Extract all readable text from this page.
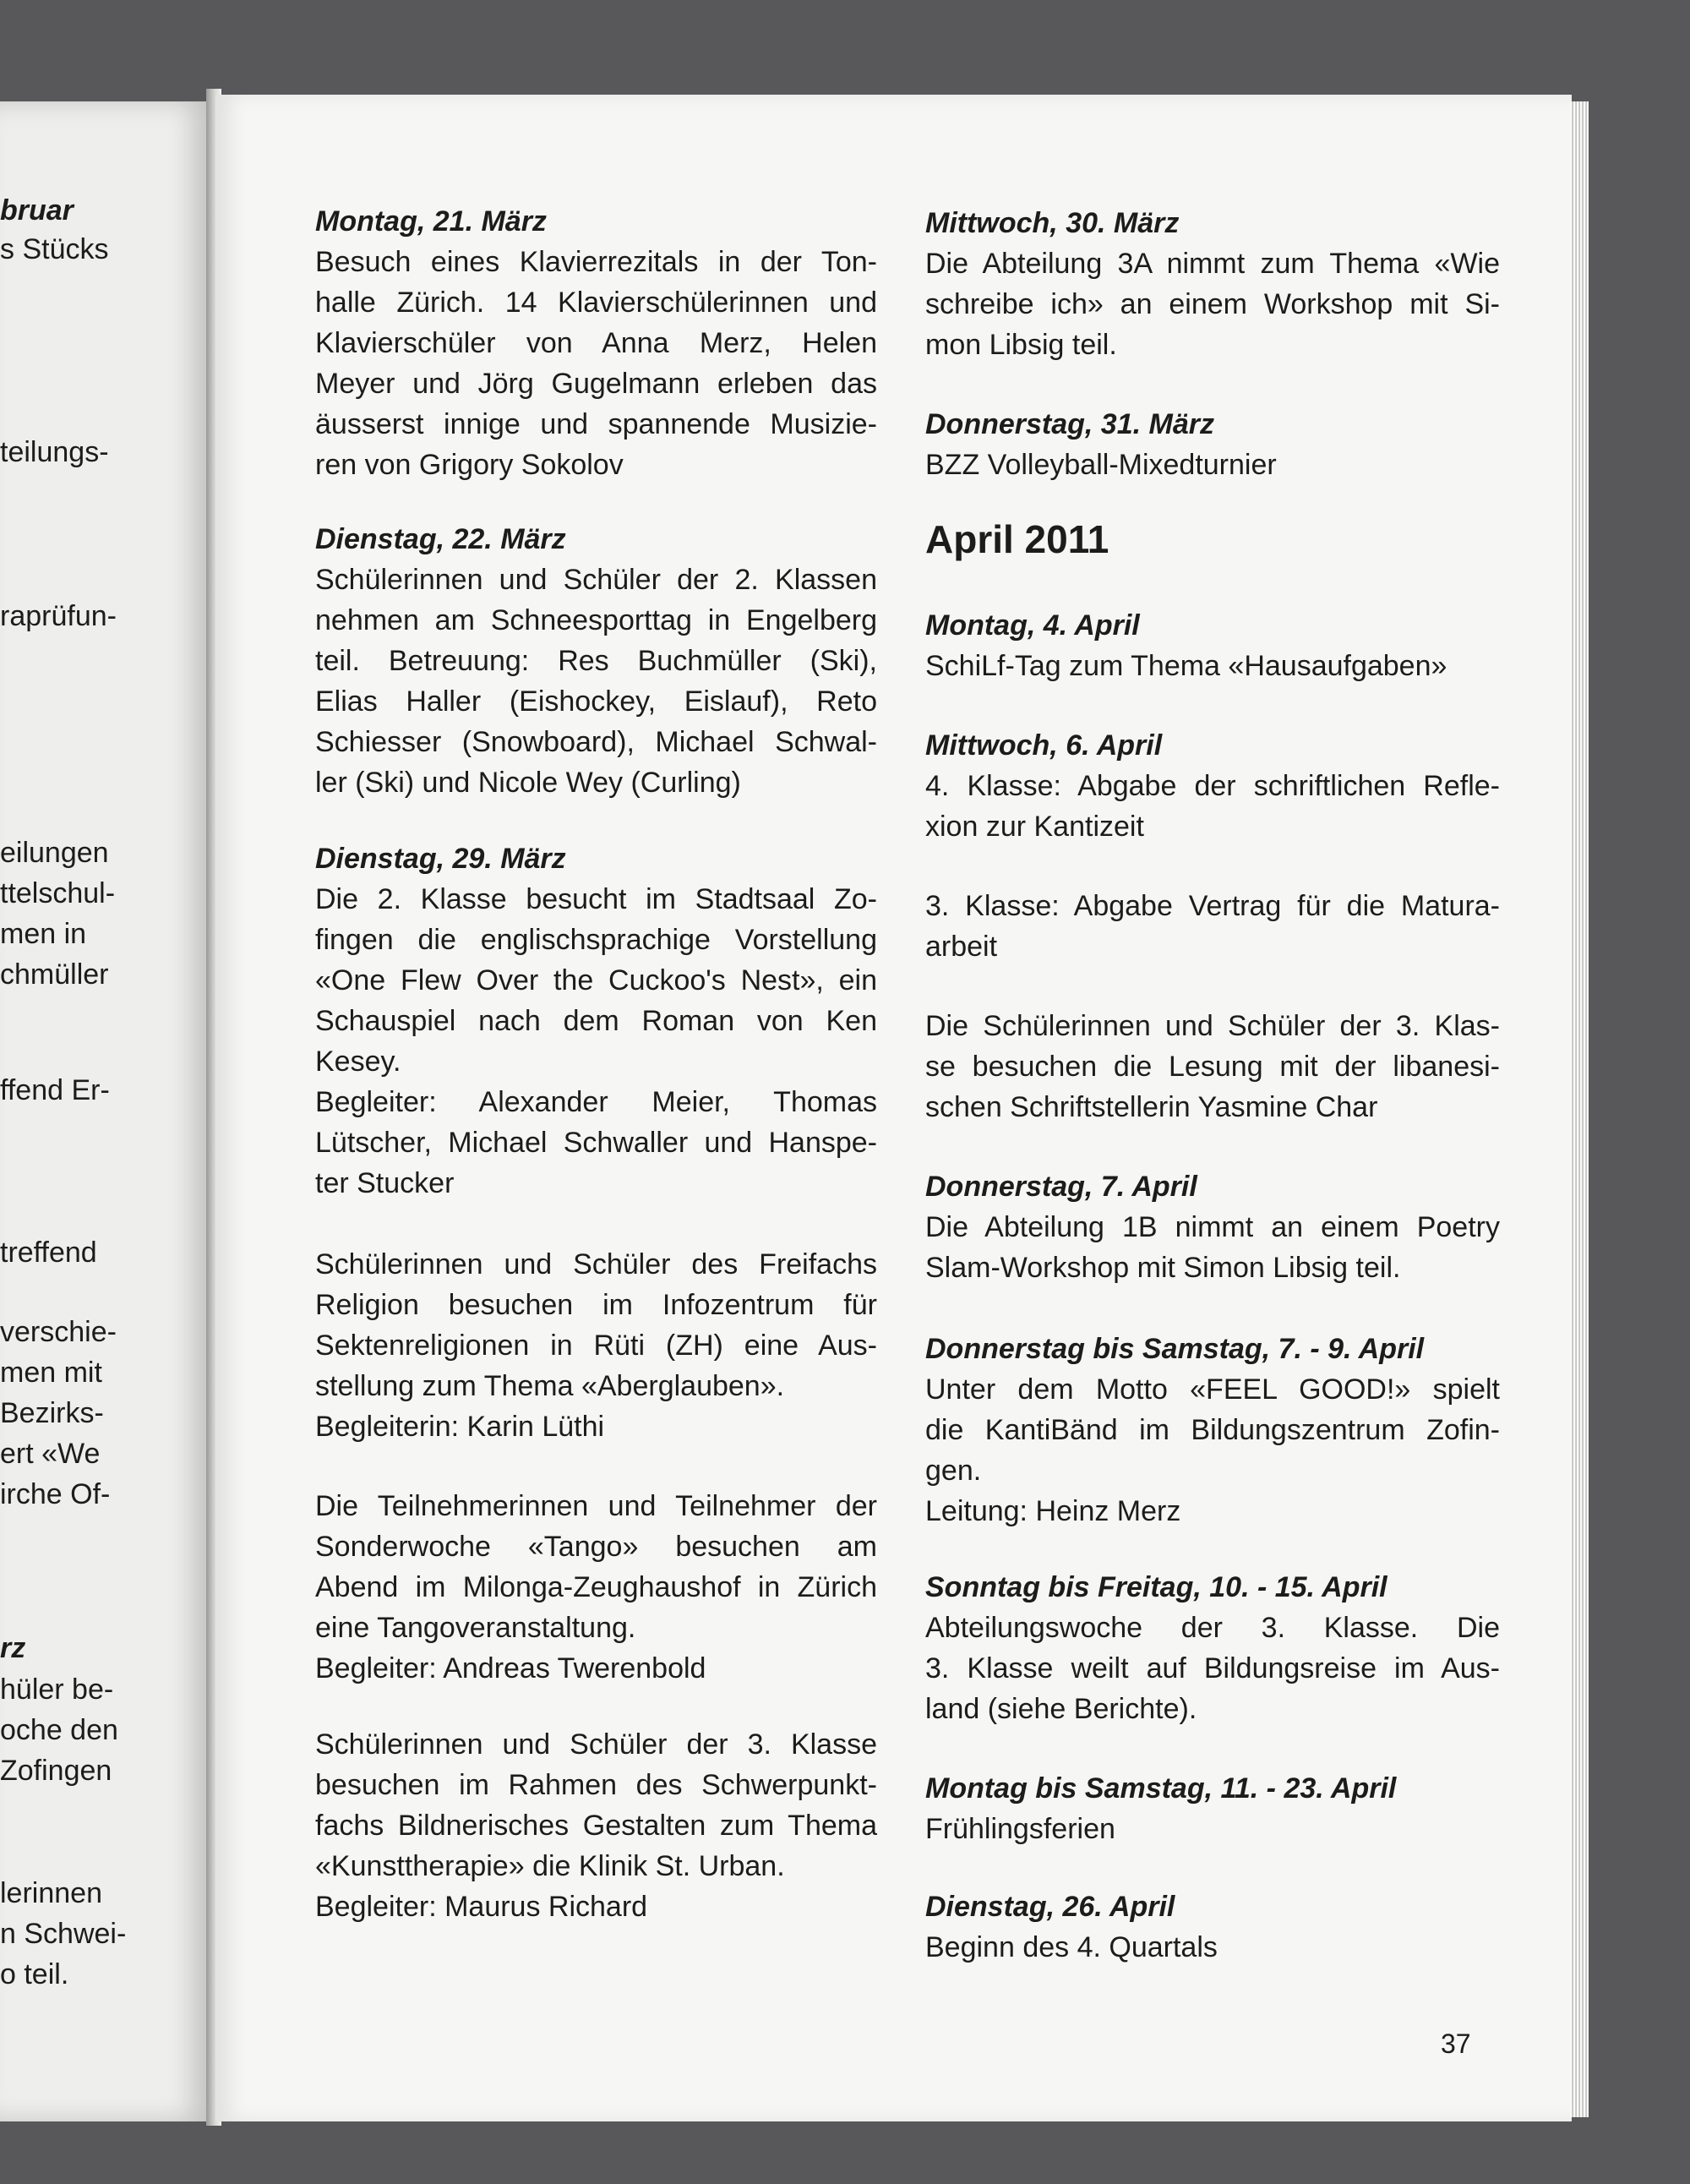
bruar
s Stücks
teilungs-
raprüfun-
eilungen
ttelschul-
men in
chmüller
ffend Er-
treffend
verschie-
men mit
Bezirks-
ert «We
irche Of-
rz
hüler be-
oche den
Zofingen
lerinnen
n Schwei-
o teil.
Montag, 21. März
Besuch eines Klavierrezitals in der Ton-
halle Zürich. 14 Klavierschülerinnen und
Klavierschüler von Anna Merz, Helen
Meyer und Jörg Gugelmann erleben das
äusserst innige und spannende Musizie-
ren von Grigory Sokolov
Dienstag, 22. März
Schülerinnen und Schüler der 2. Klassen
nehmen am Schneesporttag in Engelberg
teil. Betreuung: Res Buchmüller (Ski),
Elias Haller (Eishockey, Eislauf), Reto
Schiesser (Snowboard), Michael Schwal-
ler (Ski) und Nicole Wey (Curling)
Dienstag, 29. März
Die 2. Klasse besucht im Stadtsaal Zo-
fingen die englischsprachige Vorstellung
«One Flew Over the Cuckoo's Nest», ein
Schauspiel nach dem Roman von Ken
Kesey.
Begleiter: Alexander Meier, Thomas
Lütscher, Michael Schwaller und Hanspe-
ter Stucker
Schülerinnen und Schüler des Freifachs
Religion besuchen im Infozentrum für
Sektenreligionen in Rüti (ZH) eine Aus-
stellung zum Thema «Aberglauben».
Begleiterin: Karin Lüthi
Die Teilnehmerinnen und Teilnehmer der
Sonderwoche «Tango» besuchen am
Abend im Milonga-Zeughaushof in Zürich
eine Tangoveranstaltung.
Begleiter: Andreas Twerenbold
Schülerinnen und Schüler der 3. Klasse
besuchen im Rahmen des Schwerpunkt-
fachs Bildnerisches Gestalten zum Thema
«Kunsttherapie» die Klinik St. Urban.
Begleiter: Maurus Richard
Mittwoch, 30. März
Die Abteilung 3A nimmt zum Thema «Wie
schreibe ich» an einem Workshop mit Si-
mon Libsig teil.
Donnerstag, 31. März
BZZ Volleyball-Mixedturnier
April 2011
Montag, 4. April
SchiLf-Tag zum Thema «Hausaufgaben»
Mittwoch, 6. April
4. Klasse: Abgabe der schriftlichen Refle-
xion zur Kantizeit
3. Klasse: Abgabe Vertrag für die Matura-
arbeit
Die Schülerinnen und Schüler der 3. Klas-
se besuchen die Lesung mit der libanesi-
schen Schriftstellerin Yasmine Char
Donnerstag, 7. April
Die Abteilung 1B nimmt an einem Poetry
Slam-Workshop mit Simon Libsig teil.
Donnerstag bis Samstag, 7. - 9. April
Unter dem Motto «FEEL GOOD!» spielt
die KantiBänd im Bildungszentrum Zofin-
gen.
Leitung: Heinz Merz
Sonntag bis Freitag, 10. - 15. April
Abteilungswoche der 3. Klasse. Die
3. Klasse weilt auf Bildungsreise im Aus-
land (siehe Berichte).
Montag bis Samstag, 11. - 23. April
Frühlingsferien
Dienstag, 26. April
Beginn des 4. Quartals
37
